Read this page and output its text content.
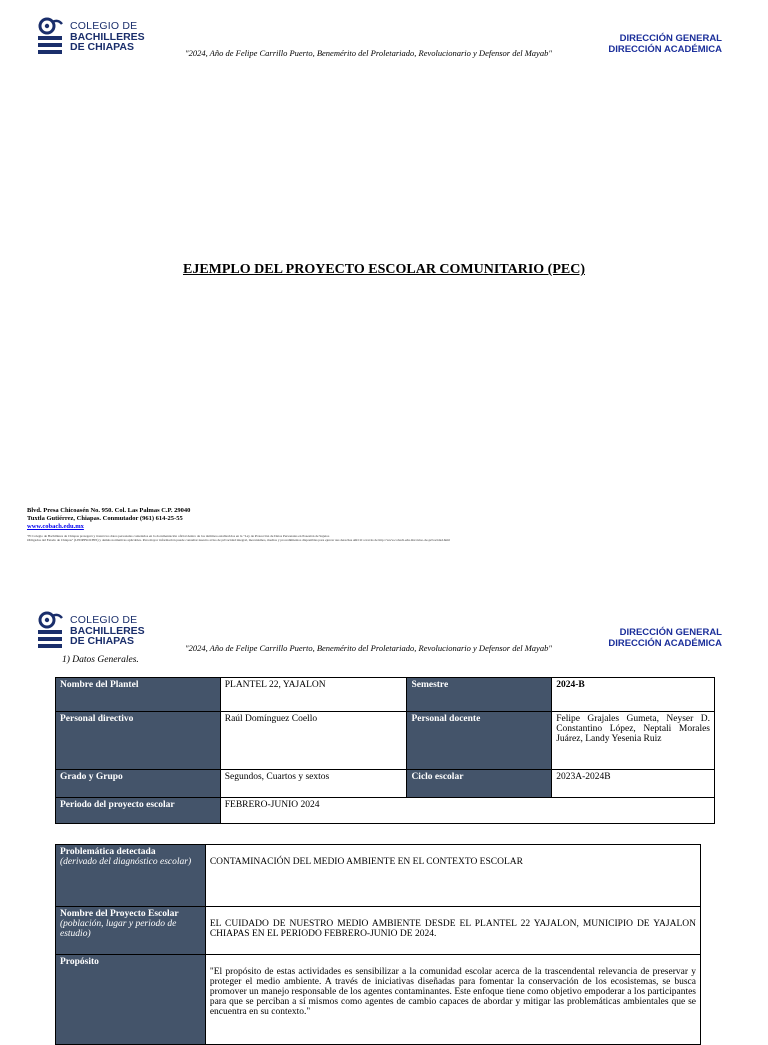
COLEGIO DE
BACHILLERES
DE CHIAPAS	"2024, Año de Felipe Carrillo Puerto, Benemérito del Proletariado, Revolucionario y Defensor del Mayab"
DIRECCIÓN GENERAL
DIRECCIÓN ACADÉMICA
EJEMPLO DEL PROYECTO ESCOLAR COMUNITARIO (PEC)
Blvd. Presa Chicoasén No. 950. Col. Las Palmas C.P. 29040
Tuxtla Gutiérrez, Chiapas. Conmutador (961) 614-25-55
www.cobach.edu.mx
"El Colegio de Bachilleres de Chiapas protegerá y tratará los datos personales contenidos en la documentación oficial dentro de los términos establecidos en la "Ley de Protección de Datos Personales en Posesión de Sujetos
Obligados del Estado de Chiapas" (LPDPPSOCHIS) y demás normativas aplicables. Para mayor información puede consultar nuestro aviso de privacidad integral, mecanismos, medios y procedimientos disponibles para ejercer sus derechas ARCO a través de http://www.cobach.edu.mx/aviso-de-privacidad.html
COLEGIO DE
BACHILLERES
DE CHIAPAS
"2024, Año de Felipe Carrillo Puerto, Benemérito del Proletariado, Revolucionario y Defensor del Mayab"
DIRECCIÓN GENERAL
DIRECCIÓN ACADÉMICA
1) Datos Generales.
Nombre del Plantel	PLANTEL 22, YAJALON	Semestre	2024-B
Personal directivo	Raúl Domínguez Coello	Personal docente	Felipe Grajales Gumeta, Neyser D. Constantino López, Neptali Morales Juárez, Landy Yesenia Ruiz
Grado y Grupo	Segundos, Cuartos y sextos	Ciclo escolar	2023A-2024B
Periodo del proyecto escolar	FEBRERO-JUNIO 2024		
Problemática detectada
(derivado del diagnóstico escolar)	CONTAMINACIÓN DEL MEDIO AMBIENTE EN EL CONTEXTO ESCOLAR

Nombre del Proyecto Escolar
(población, lugar y periodo de estudio)	EL CUIDADO DE NUESTRO MEDIO AMBIENTE DESDE EL PLANTEL 22 YAJALON, MUNICIPIO DE YAJALON CHIAPAS EN EL PERIODO FEBRERO-JUNIO DE 2024.
Propósito	"El propósito de estas actividades es sensibilizar a la comunidad escolar acerca de la trascendental relevancia de preservar y proteger el medio ambiente. A través de iniciativas diseñadas para fomentar la conservación de los ecosistemas, se busca promover un manejo responsable de los agentes contaminantes. Este enfoque tiene como objetivo empoderar a los participantes para que se perciban a sí mismos como agentes de cambio capaces de abordar y mitigar las problemáticas ambientales que se encuentra en su contexto."
